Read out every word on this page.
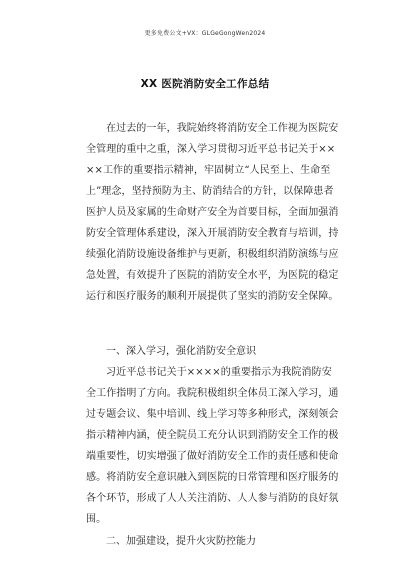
更多免费公文+VX：GLGeGongWen2024
XX 医院消防安全工作总结
在过去的一年，我院始终将消防安全工作视为医院安
全管理的重中之重，深入学习贯彻习近平总书记关于××
××工作的重要指示精神，牢固树立“人民至上、生命至
上”理念，坚持预防为主、防消结合的方针，以保障患者
医护人员及家属的生命财产安全为首要目标，全面加强消
防安全管理体系建设，深入开展消防安全教育与培训，持
续强化消防设施设备维护与更新，积极组织消防演练与应
急处置，有效提升了医院的消防安全水平，为医院的稳定
运行和医疗服务的顺利开展提供了坚实的消防安全保障。
一、深入学习，强化消防安全意识
习近平总书记关于××××的重要指示为我院消防安
全工作指明了方向。我院积极组织全体员工深入学习，通
过专题会议、集中培训、线上学习等多种形式，深刻领会
指示精神内涵，使全院员工充分认识到消防安全工作的极
端重要性，切实增强了做好消防安全工作的责任感和使命
感。将消防安全意识融入到医院的日常管理和医疗服务的
各个环节，形成了人人关注消防、人人参与消防的良好氛
围。
二、加强建设，提升火灾防控能力
